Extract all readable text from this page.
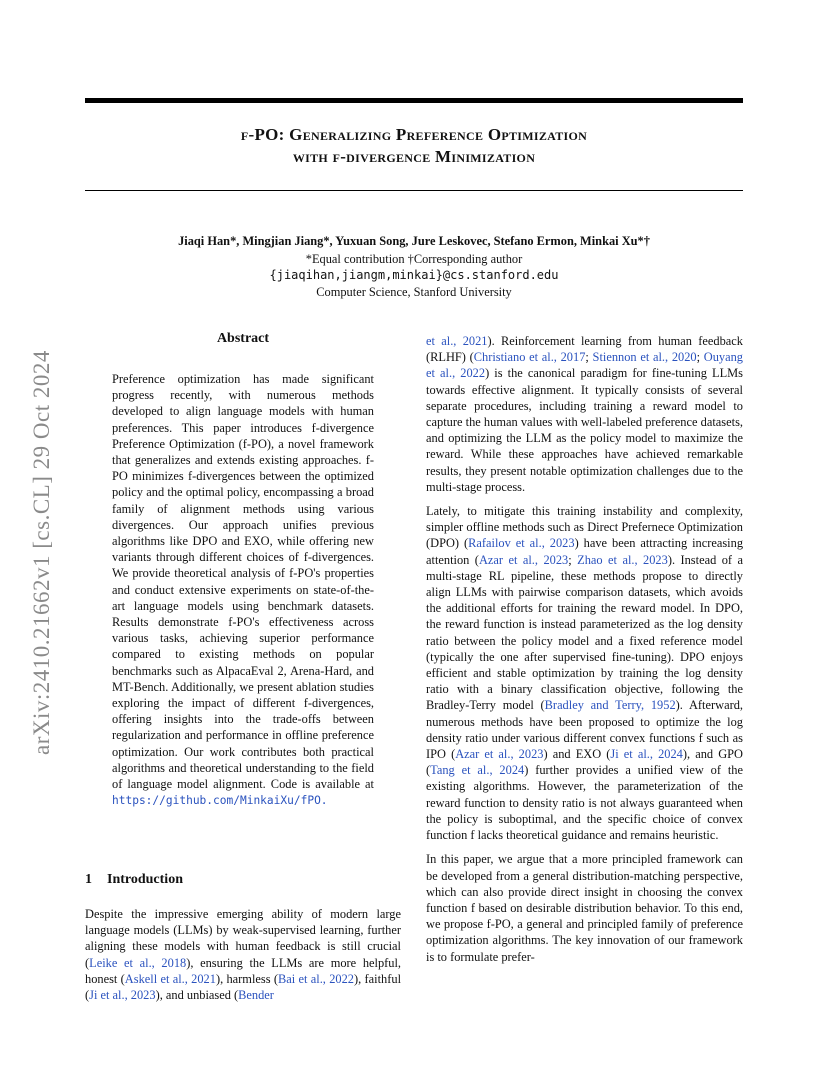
f-PO: Generalizing Preference Optimization
with f-divergence Minimization
Jiaqi Han*, Mingjian Jiang*, Yuxuan Song, Jure Leskovec, Stefano Ermon, Minkai Xu*†
*Equal contribution †Corresponding author
{jiaqihan,jiangm,minkai}@cs.stanford.edu
Computer Science, Stanford University
arXiv:2410.21662v1 [cs.CL] 29 Oct 2024
Abstract
Preference optimization has made significant progress recently, with numerous methods developed to align language models with human preferences. This paper introduces f-divergence Preference Optimization (f-PO), a novel framework that generalizes and extends existing approaches. f-PO minimizes f-divergences between the optimized policy and the optimal policy, encompassing a broad family of alignment methods using various divergences. Our approach unifies previous algorithms like DPO and EXO, while offering new variants through different choices of f-divergences. We provide theoretical analysis of f-PO's properties and conduct extensive experiments on state-of-the-art language models using benchmark datasets. Results demonstrate f-PO's effectiveness across various tasks, achieving superior performance compared to existing methods on popular benchmarks such as AlpacaEval 2, Arena-Hard, and MT-Bench. Additionally, we present ablation studies exploring the impact of different f-divergences, offering insights into the trade-offs between regularization and performance in offline preference optimization. Our work contributes both practical algorithms and theoretical understanding to the field of language model alignment. Code is available at https://github.com/MinkaiXu/fPO.
1 Introduction
Despite the impressive emerging ability of modern large language models (LLMs) by weak-supervised learning, further aligning these models with human feedback is still crucial (Leike et al., 2018), ensuring the LLMs are more helpful, honest (Askell et al., 2021), harmless (Bai et al., 2022), faithful (Ji et al., 2023), and unbiased (Bender

et al., 2021). Reinforcement learning from human feedback (RLHF) (Christiano et al., 2017; Stiennon et al., 2020; Ouyang et al., 2022) is the canonical paradigm for fine-tuning LLMs towards effective alignment. It typically consists of several separate procedures, including training a reward model to capture the human values with well-labeled preference datasets, and optimizing the LLM as the policy model to maximize the reward. While these approaches have achieved remarkable results, they present notable optimization challenges due to the multi-stage process.

Lately, to mitigate this training instability and complexity, simpler offline methods such as Direct Prefernece Optimization (DPO) (Rafailov et al., 2023) have been attracting increasing attention (Azar et al., 2023; Zhao et al., 2023). Instead of a multi-stage RL pipeline, these methods propose to directly align LLMs with pairwise comparison datasets, which avoids the additional efforts for training the reward model. In DPO, the reward function is instead parameterized as the log density ratio between the policy model and a fixed reference model (typically the one after supervised fine-tuning). DPO enjoys efficient and stable optimization by training the log density ratio with a binary classification objective, following the Bradley-Terry model (Bradley and Terry, 1952). Afterward, numerous methods have been proposed to optimize the log density ratio under various different convex functions f such as IPO (Azar et al., 2023) and EXO (Ji et al., 2024), and GPO (Tang et al., 2024) further provides a unified view of the existing algorithms. However, the parameterization of the reward function to density ratio is not always guaranteed when the policy is suboptimal, and the specific choice of convex function f lacks theoretical guidance and remains heuristic.

In this paper, we argue that a more principled framework can be developed from a general distribution-matching perspective, which can also provide direct insight in choosing the convex function f based on desirable distribution behavior. To this end, we propose f-PO, a general and principled family of preference optimization algorithms. The key innovation of our framework is to formulate prefer-
